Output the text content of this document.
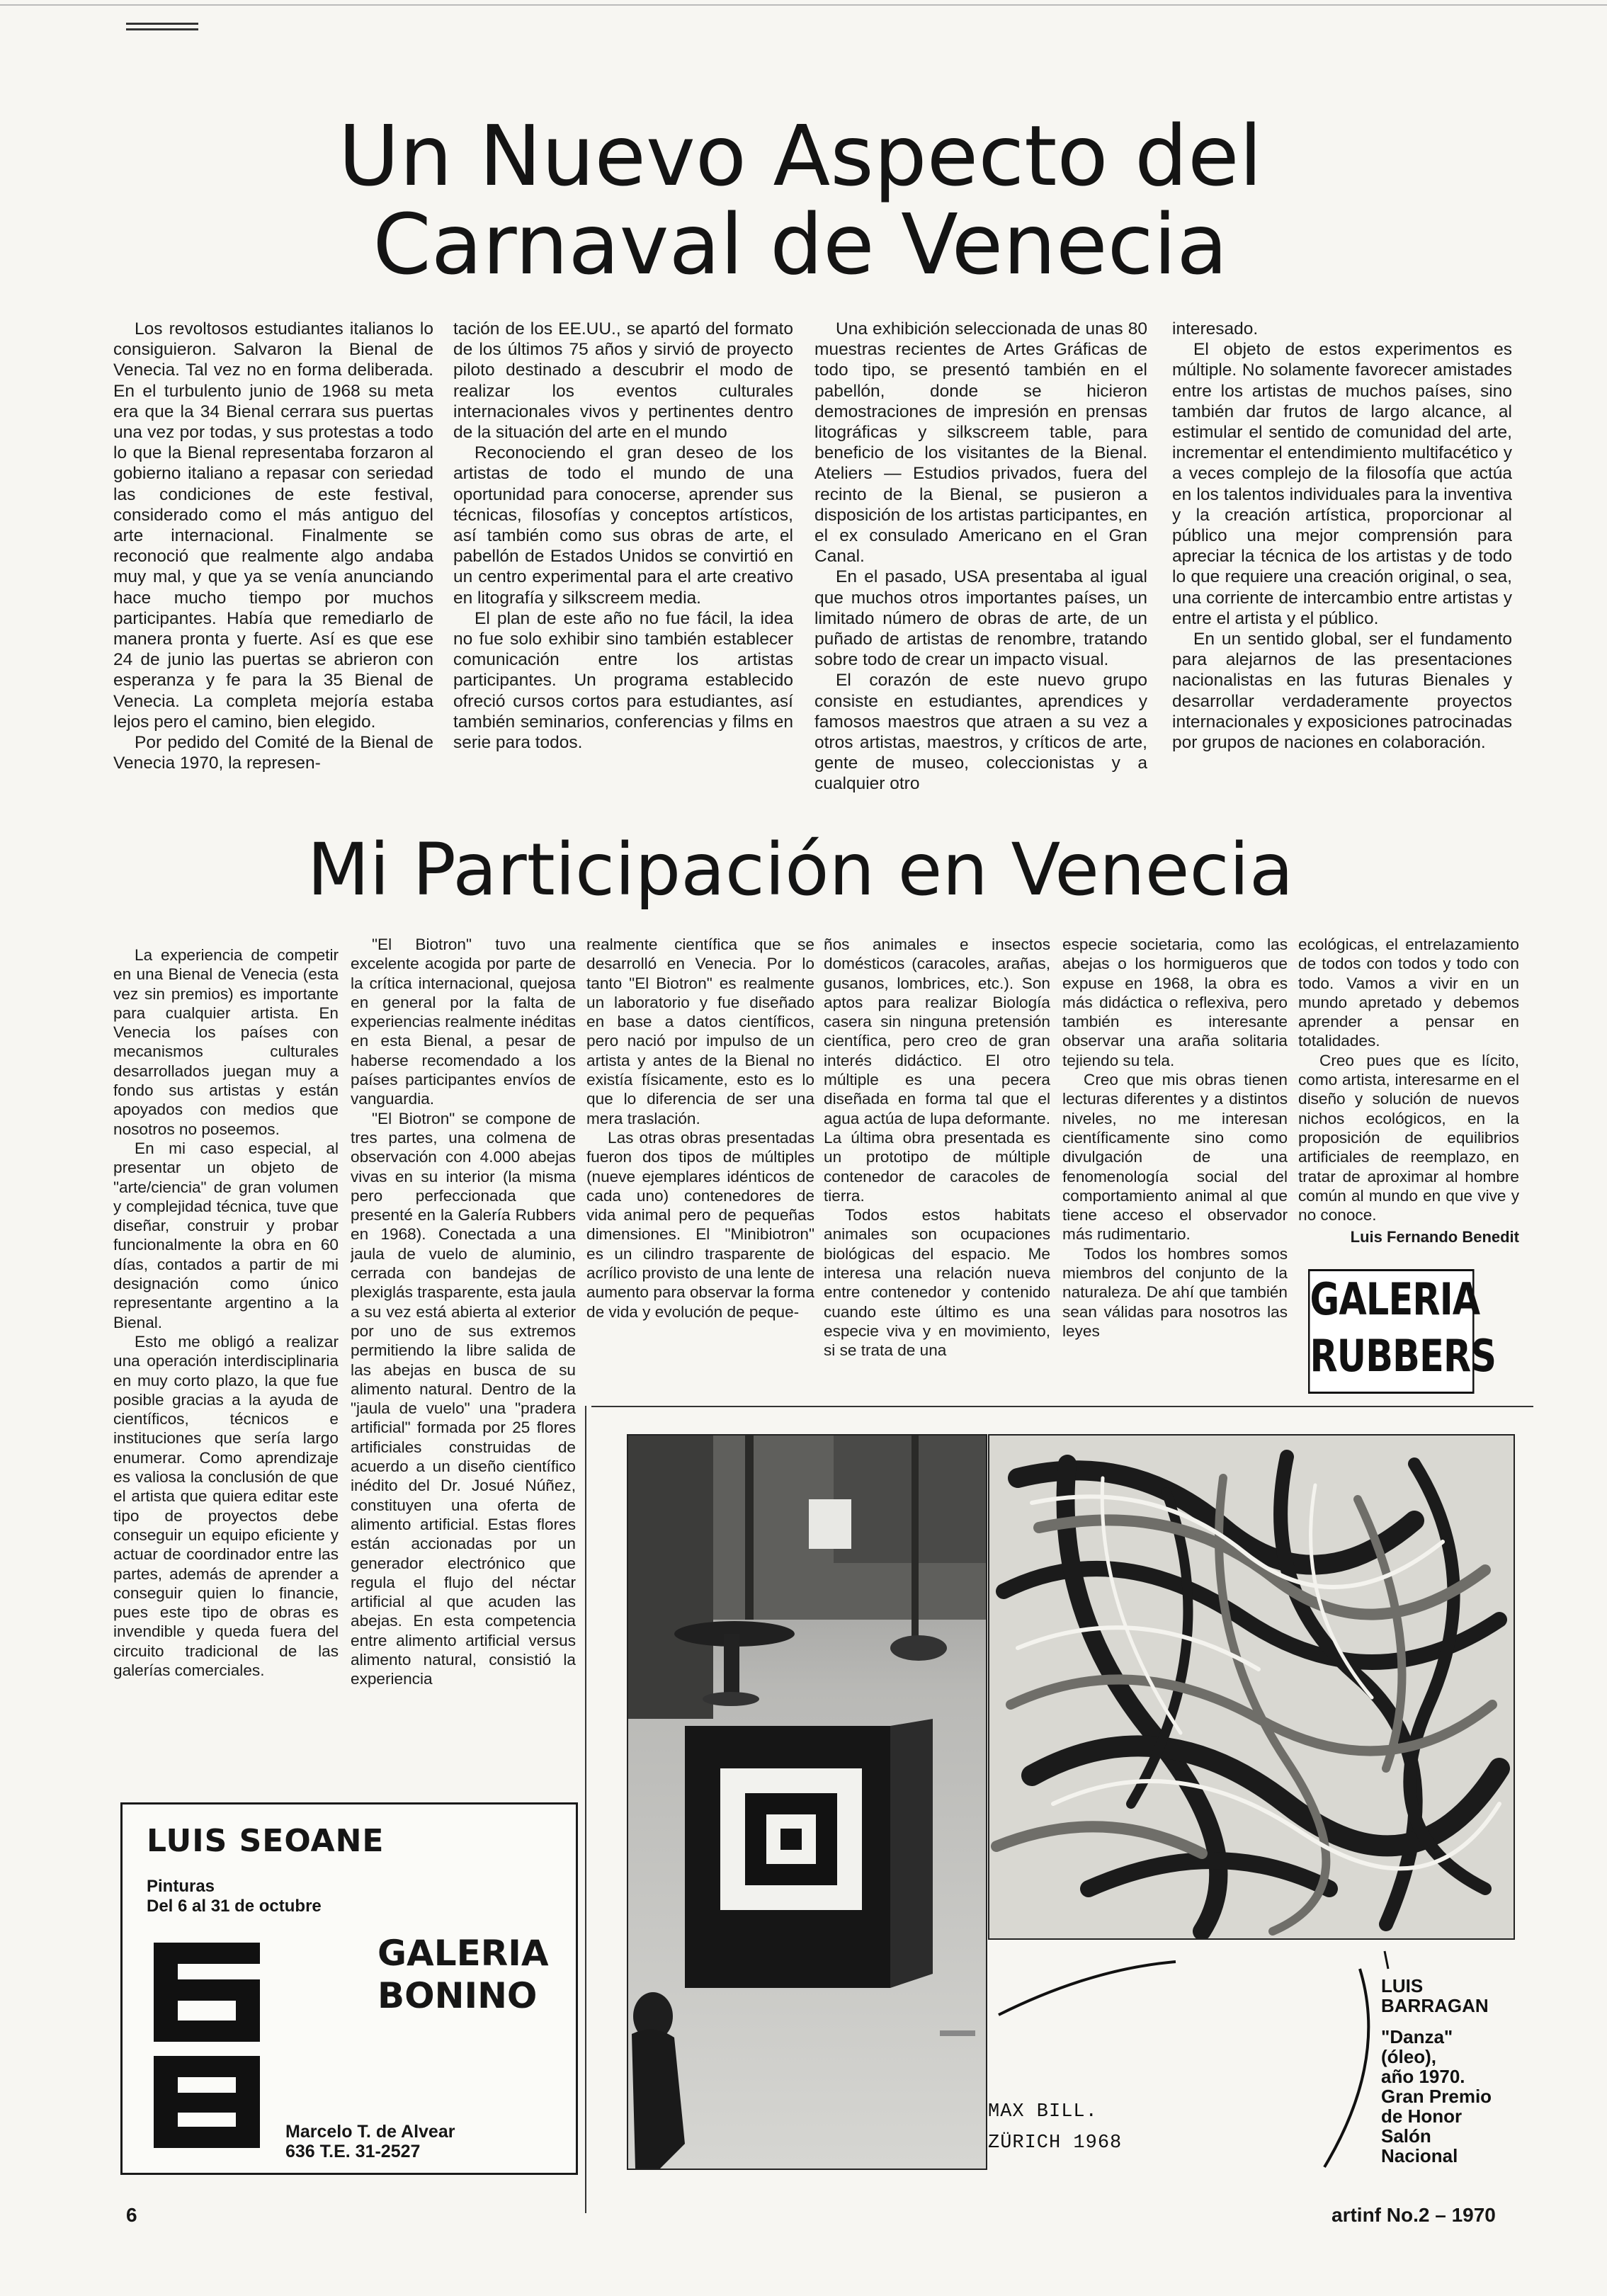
Un Nuevo Aspecto del
Carnaval de Venecia

Los revoltosos estudiantes italianos lo consiguieron. Salvaron la Bienal de Venecia. Tal vez no en forma deliberada. En el turbulento junio de 1968 su meta era que la 34 Bienal cerrara sus puertas una vez por todas, y sus protestas a todo lo que la Bienal representaba forzaron al gobierno italiano a repasar con seriedad las condiciones de este festival, considerado como el más antiguo del arte internacional. Finalmente se reconoció que realmente algo andaba muy mal, y que ya se venía anunciando hace mucho tiempo por muchos participantes. Había que remediarlo de manera pronta y fuerte. Así es que ese 24 de junio las puertas se abrieron con esperanza y fe para la 35 Bienal de Venecia. La completa mejoría estaba lejos pero el camino, bien elegido.

Por pedido del Comité de la Bienal de Venecia 1970, la represen-

tación de los EE.UU., se apartó del formato de los últimos 75 años y sirvió de proyecto piloto destinado a descubrir el modo de realizar los eventos culturales internacionales vivos y pertinentes dentro de la situación del arte en el mundo

Reconociendo el gran deseo de los artistas de todo el mundo de una oportunidad para conocerse, aprender sus técnicas, filosofías y conceptos artísticos, así también como sus obras de arte, el pabellón de Estados Unidos se convirtió en un centro experimental para el arte creativo en litografía y silkscreem media.

El plan de este año no fue fácil, la idea no fue solo exhibir sino también establecer comunicación entre los artistas participantes. Un programa establecido ofreció cursos cortos para estudiantes, así también seminarios, conferencias y films en serie para todos.

Una exhibición seleccionada de unas 80 muestras recientes de Artes Gráficas de todo tipo, se presentó también en el pabellón, donde se hicieron demostraciones de impresión en prensas litográficas y silkscreem table, para beneficio de los visitantes de la Bienal. Ateliers — Estudios privados, fuera del recinto de la Bienal, se pusieron a disposición de los artistas participantes, en el ex consulado Americano en el Gran Canal.

En el pasado, USA presentaba al igual que muchos otros importantes países, un limitado número de obras de arte, de un puñado de artistas de renombre, tratando sobre todo de crear un impacto visual.

El corazón de este nuevo grupo consiste en estudiantes, aprendices y famosos maestros que atraen a su vez a otros artistas, maestros, y críticos de arte, gente de museo, coleccionistas y a cualquier otro

interesado.

El objeto de estos experimentos es múltiple. No solamente favorecer amistades entre los artistas de muchos países, sino también dar frutos de largo alcance, al estimular el sentido de comunidad del arte, incrementar el entendimiento multifacético y a veces complejo de la filosofía que actúa en los talentos individuales para la inventiva y la creación artística, proporcionar al público una mejor comprensión para apreciar la técnica de los artistas y de todo lo que requiere una creación original, o sea, una corriente de intercambio entre artistas y entre el artista y el público.

En un sentido global, ser el fundamento para alejarnos de las presentaciones nacionalistas en las futuras Bienales y desarrollar verdaderamente proyectos internacionales y exposiciones patrocinadas por grupos de naciones en colaboración.

Mi Participación en Venecia

La experiencia de competir en una Bienal de Venecia (esta vez sin premios) es importante para cualquier artista. En Venecia los países con mecanismos culturales desarrollados juegan muy a fondo sus artistas y están apoyados con medios que nosotros no poseemos.

En mi caso especial, al presentar un objeto de "arte/ciencia" de gran volumen y complejidad técnica, tuve que diseñar, construir y probar funcionalmente la obra en 60 días, contados a partir de mi designación como único representante argentino a la Bienal.

Esto me obligó a realizar una operación interdisciplinaria en muy corto plazo, la que fue posible gracias a la ayuda de científicos, técnicos e instituciones que sería largo enumerar. Como aprendizaje es valiosa la conclusión de que el artista que quiera editar este tipo de proyectos debe conseguir un equipo eficiente y actuar de coordinador entre las partes, además de aprender a conseguir quien lo financie, pues este tipo de obras es invendible y queda fuera del circuito tradicional de las galerías comerciales.

"El Biotron" tuvo una excelente acogida por parte de la crítica internacional, quejosa en general por la falta de experiencias realmente inéditas en esta Bienal, a pesar de haberse recomendado a los países participantes envíos de vanguardia.

"El Biotron" se compone de tres partes, una colmena de observación con 4.000 abejas vivas en su interior (la misma pero perfeccionada que presenté en la Galería Rubbers en 1968). Conectada a una jaula de vuelo de aluminio, cerrada con bandejas de plexiglás trasparente, esta jaula a su vez está abierta al exterior por uno de sus extremos permitiendo la libre salida de las abejas en busca de su alimento natural. Dentro de la "jaula de vuelo" una "pradera artificial" formada por 25 flores artificiales construidas de acuerdo a un diseño científico inédito del Dr. Josué Núñez, constituyen una oferta de alimento artificial. Estas flores están accionadas por un generador electrónico que regula el flujo del néctar artificial al que acuden las abejas. En esta competencia entre alimento artificial versus alimento natural, consistió la experiencia

realmente científica que se desarrolló en Venecia. Por lo tanto "El Biotron" es realmente un laboratorio y fue diseñado en base a datos científicos, pero nació por impulso de un artista y antes de la Bienal no existía físicamente, esto es lo que lo diferencia de ser una mera traslación.

Las otras obras presentadas fueron dos tipos de múltiples (nueve ejemplares idénticos de cada uno) contenedores de vida animal pero de pequeñas dimensiones. El "Minibiotron" es un cilindro trasparente de acrílico provisto de una lente de aumento para observar la forma de vida y evolución de peque-

ños animales e insectos domésticos (caracoles, arañas, gusanos, lombrices, etc.). Son aptos para realizar Biología casera sin ninguna pretensión científica, pero creo de gran interés didáctico. El otro múltiple es una pecera diseñada en forma tal que el agua actúa de lupa deformante. La última obra presentada es un prototipo de múltiple contenedor de caracoles de tierra.

Todos estos habitats animales son ocupaciones biológicas del espacio. Me interesa una relación nueva entre contenedor y contenido cuando este último es una especie viva y en movimiento, si se trata de una

especie societaria, como las abejas o los hormigueros que expuse en 1968, la obra es más didáctica o reflexiva, pero también es interesante observar una araña solitaria tejiendo su tela.

Creo que mis obras tienen lecturas diferentes y a distintos niveles, no me interesan científicamente sino como divulgación de una fenomenología social del comportamiento animal al que tiene acceso el observador más rudimentario.

Todos los hombres somos miembros del conjunto de la naturaleza. De ahí que también sean válidas para nosotros las leyes

ecológicas, el entrelazamiento de todos con todos y todo con todo. Vamos a vivir en un mundo apretado y debemos aprender a pensar en totalidades.

Creo pues que es lícito, como artista, interesarme en el diseño y solución de nuevos nichos ecológicos, en la proposición de equilibrios artificiales de reemplazo, en tratar de aproximar al hombre común al mundo en que vive y no conoce.

Luis Fernando Benedit

GALERIA
RUBBERS
LUIS SEOANE
Pinturas
Del 6 al 31 de octubre
GALERIA
BONINO
Marcelo T. de Alvear
636 T.E. 31-2527
MAX BILL.
ZÜRICH 1968
LUIS
BARRAGAN
"Danza"
(óleo),
año 1970.
Gran Premio
de Honor
Salón
Nacional
6	artinf No.2 – 1970
